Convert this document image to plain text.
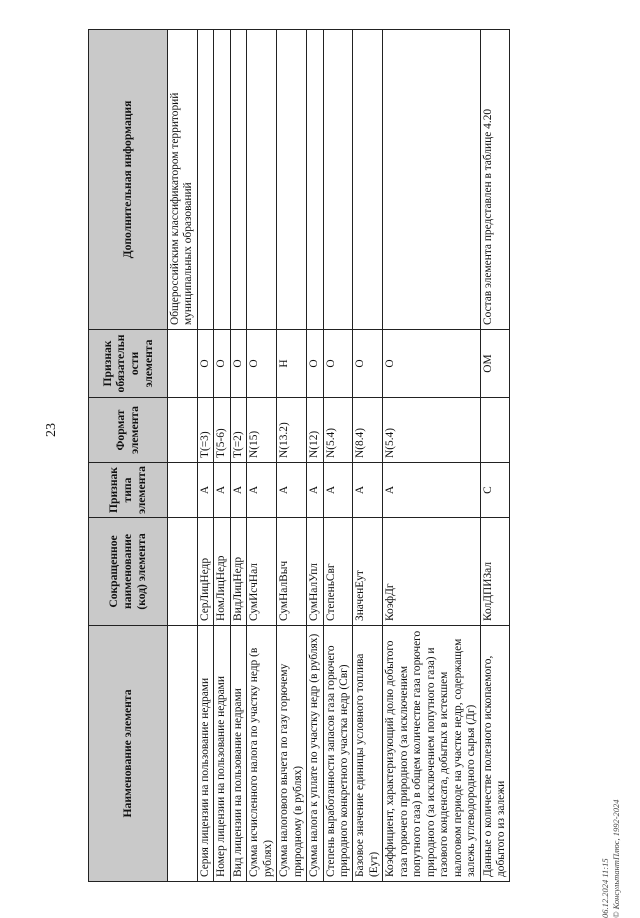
23
Наименование элемента	Сокращенное наименование (код) элемента	Признак типа элемента	Формат элемента	Признак обязательности элемента	Дополнительная информация
					Общероссийским классификатором территорий муниципальных образований
Серия лицензии на пользование недрами	СерЛицНедр	А	T(=3)	О	
Номер лицензии на пользование недрами	НомЛицНедр	А	T(5-6)	О	
Вид лицензии на пользование недрами	ВидЛицНедр	А	T(=2)	О	
Сумма исчисленного налога по участку недр (в рублях)	СумИсчНал	А	N(15)	О	
Сумма налогового вычета по газу горючему природному (в рублях)	СумНалВыч	А	N(13.2)	Н	
Сумма налога к уплате по участку недр (в рублях)	СумНалУпл	А	N(12)	О	
Степень выработанности запасов газа горючего природного конкретного участка недр (Свг)	СтепеньСвг	А	N(5.4)	О	
Базовое значение единицы условного топлива (Еут)	ЗначенЕут	А	N(8.4)	О	
Коэффициент, характеризующий долю добытого газа горючего природного (за исключением попутного газа) в общем количестве газа горючего природного (за исключением попутного газа) и газового конденсата, добытых в истекшем налоговом периоде на участке недр, содержащем залежь углеводородного сырья (Дг)	КоэфДг	А	N(5.4)	О	
Данные о количестве полезного ископаемого, добытого из залежи	КолДПИЗал	С		ОМ	Состав элемента представлен в таблице 4.20
06.12.2024 11:15 © КонсультантПлюс, 1992-2024
